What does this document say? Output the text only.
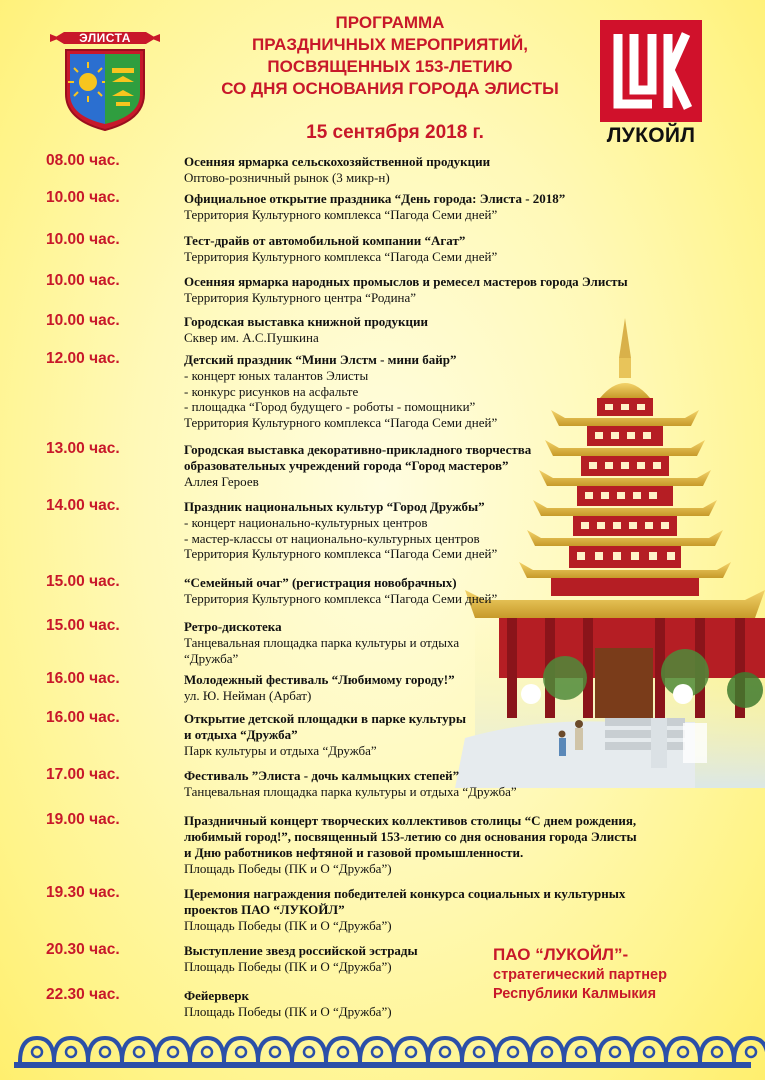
ЭЛИСТА
ПРОГРАММА
ПРАЗДНИЧНЫХ МЕРОПРИЯТИЙ,
ПОСВЯЩЕННЫХ 153-ЛЕТИЮ
СО ДНЯ ОСНОВАНИЯ ГОРОДА ЭЛИСТЫ
15 сентября 2018 г.	ЛУКОЙЛ
08.00 час.	Осенняя ярмарка сельскохозяйственной продукции
Оптово-розничный рынок (3 микр-н)
10.00 час.	Официальное открытие праздника “День города: Элиста - 2018”
Территория Культурного комплекса “Пагода Семи дней”
10.00 час.	Тест-драйв от автомобильной компании “Агат”
Территория Культурного комплекса “Пагода Семи дней”
10.00 час.	Осенняя ярмарка народных промыслов и ремесел мастеров города Элисты
Территория Культурного центра “Родина”
10.00 час.	Городская выставка книжной продукции
Сквер им. А.С.Пушкина
12.00 час.	Детский праздник “Мини Элстм - мини байр”
- концерт юных талантов Элисты
- конкурс рисунков на асфальте
- площадка “Город будущего - роботы - помощники”
Территория Культурного комплекса “Пагода Семи дней”
13.00 час.	Городская выставка декоративно-прикладного творчества
образовательных учреждений города “Город мастеров”
Аллея Героев
14.00 час.	Праздник национальных культур “Город Дружбы”
- концерт национально-культурных центров
- мастер-классы от национально-культурных центров
Территория Культурного комплекса “Пагода Семи дней”
15.00 час.	“Семейный очаг” (регистрация новобрачных)
Территория Культурного комплекса “Пагода Семи дней”
15.00 час.	Ретро-дискотека
Танцевальная площадка парка культуры и отдыха
“Дружба”
16.00 час.	Молодежный фестиваль “Любимому городу!”
ул. Ю. Нейман (Арбат)
16.00 час.	Открытие детской площадки в парке культуры
и отдыха “Дружба”
Парк культуры и отдыха “Дружба”
17.00 час.	Фестиваль ”Элиста - дочь калмыцких степей”
Танцевальная площадка парка культуры и отдыха “Дружба”
19.00 час.	Праздничный концерт творческих коллективов столицы “С днем рождения,
любимый город!”, посвященный 153-летию со дня основания города Элисты
и Дню работников нефтяной и газовой промышленности.
Площадь Победы (ПК и О “Дружба”)
19.30 час.	Церемония награждения победителей конкурса социальных и культурных
проектов ПАО “ЛУКОЙЛ”
Площадь Победы (ПК и О “Дружба”)
20.30 час.	Выступление звезд российской эстрады
Площадь Победы (ПК и О “Дружба”)
22.30 час.	Фейерверк
Площадь Победы (ПК и О “Дружба”)
ПАО “ЛУКОЙЛ”-
стратегический партнер
Республики Калмыкия
